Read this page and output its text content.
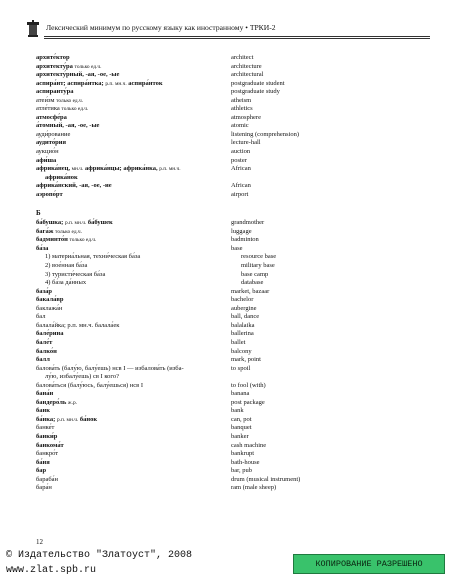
Лексический минимум по русскому языку как иностранному • ТРКИ-2
архите́ктор	architect
архитекту́ра только ед.ч.	architecture
архитекту́рный, -ая, -ое, -ые	architectural
аспира́нт; аспира́нтка; р.п. мн.ч. аспира́нток	postgraduate student
аспиранту́ра	postgraduate study
атеи́зм только ед.ч.	atheism
атле́тика только ед.ч.	athletics
атмосфе́ра	atmosphere
а́томный, -ая, -ое, -ые	atomic
ауди́рование	listening (comprehension)
аудито́рия	lecture-hall
аукцио́н	auction
афи́ша	poster
африка́нец, мн.ч. африка́нцы; африка́нка, р.п. мн.ч.	African
африка́нок
африка́нский, -ая, -ое, -ие	African
аэропо́рт	airport
Б
ба́бушка; р.п. мн.ч. ба́бушек	grandmother
бага́ж только ед.ч.	luggage
бадминто́н только ед.ч.	badminton
ба́за	base
1) материа́льная, техни́ческая ба́за	resource base
2) вое́нная ба́за	military base
3) туристи́ческая ба́за	base camp
4) ба́за да́нных	database
база́р	market, bazaar
бакала́вр	bachelor
баклажа́н	aubergine
бал	ball, dance
балала́йка; р.п. мн.ч. балала́ек	balalaika
бале́рина	ballerina
бале́т	ballet
балко́н	balcony
балл	mark, point
балова́ть (балу́ю, балу́ешь) нсв I — избалова́ть (изба-	to spoil
лу́ю, избалу́ешь) св I кого?
балова́ться (балу́юсь, балу́ешься) нсв I	to fool (with)
бана́н	banana
бандеро́ль ж.р.	post package
банк	bank
ба́нка; р.п. мн.ч. ба́нок	can, pot
банке́т	banquet
банки́р	banker
банкома́т	cash machine
банкро́т	bankrupt
ба́ня	bath-house
бар	bar, pub
бараба́н	drum (musical instrument)
бара́н	ram (male sheep)
12
© Издательство "Златоуст", 2008
www.zlat.spb.ru
КОПИРОВАНИЕ РАЗРЕШЕНО
